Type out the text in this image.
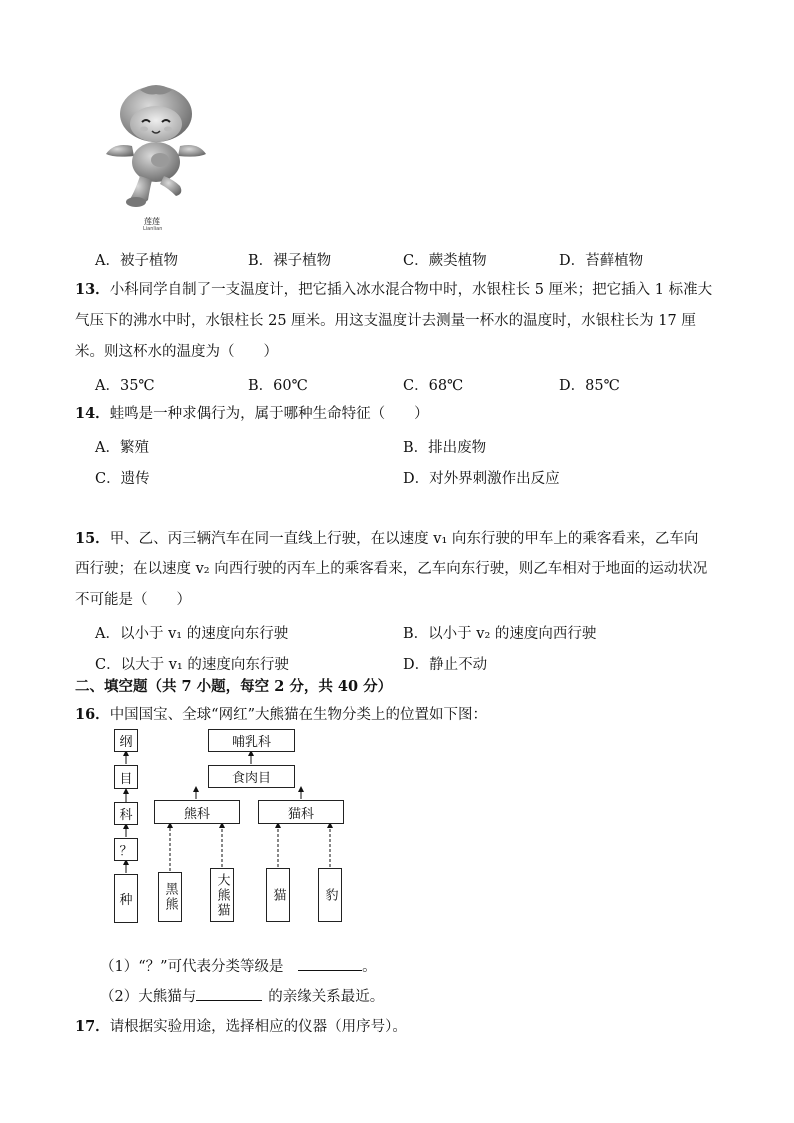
莲莲
Lianlian
A．被子植物	B．裸子植物	C．蕨类植物	D．苔藓植物
13．小科同学自制了一支温度计，把它插入冰水混合物中时，水银柱长 5 厘米；把它插入 1 标准大
气压下的沸水中时，水银柱长 25 厘米。用这支温度计去测量一杯水的温度时，水银柱长为 17 厘
米。则这杯水的温度为（　　）
A．35℃	B．60℃	C．68℃	D．85℃
14．蛙鸣是一种求偶行为，属于哪种生命特征（　　）
A．繁殖	B．排出废物
C．遗传	D．对外界刺激作出反应
15．甲、乙、丙三辆汽车在同一直线上行驶，在以速度 v₁ 向东行驶的甲车上的乘客看来，乙车向
西行驶；在以速度 v₂ 向西行驶的丙车上的乘客看来，乙车向东行驶，则乙车相对于地面的运动状况
不可能是（　　）
A．以小于 v₁ 的速度向东行驶	B．以小于 v₂ 的速度向西行驶
C．以大于 v₁ 的速度向东行驶	D．静止不动
二、填空题（共 7 小题，每空 2 分，共 40 分）
16．中国国宝、全球“网红”大熊猫在生物分类上的位置如下图：
纲
目
科
？
种
哺乳科
食肉目
熊科	猫科
黑熊	大熊猫	猫	豹
（1）“？”可代表分类等级是	。
（2）大熊猫与	的亲缘关系最近。
17．请根据实验用途，选择相应的仪器（用序号）。
